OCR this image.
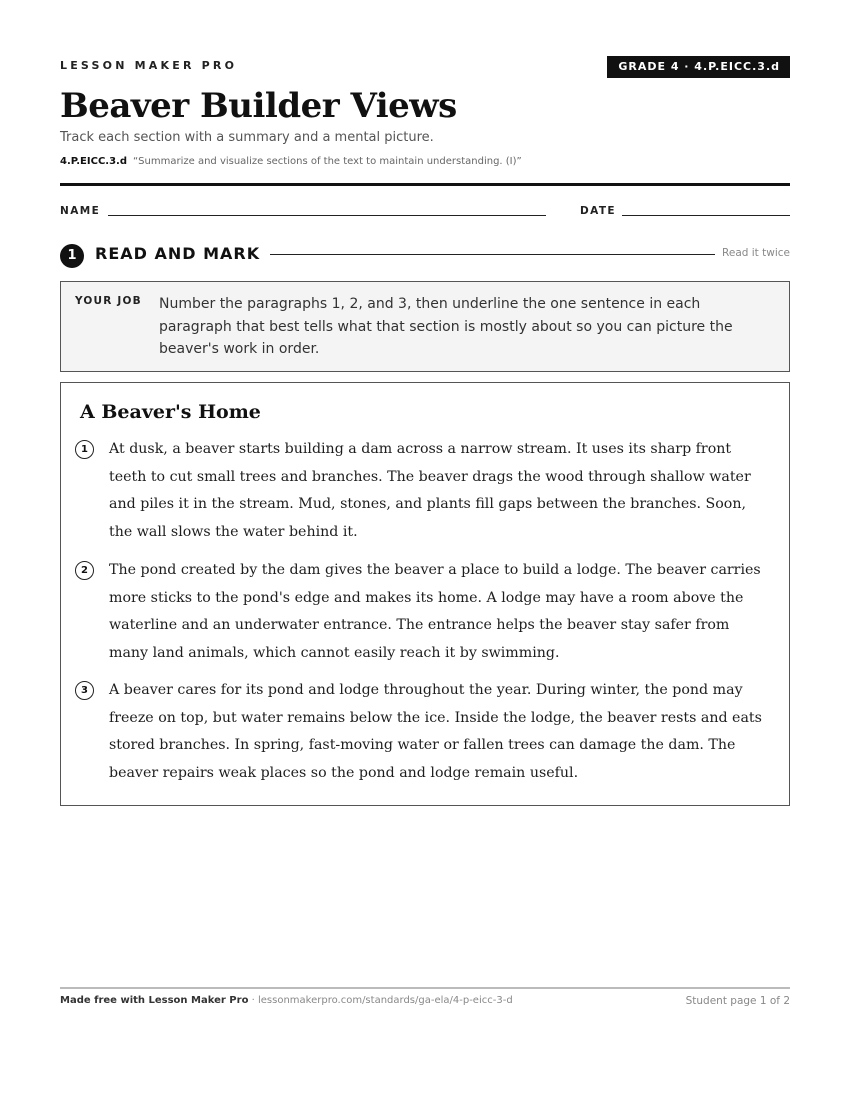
LESSON MAKER PRO	GRADE 4 · 4.P.EICC.3.d
Beaver Builder Views
Track each section with a summary and a mental picture.
4.P.EICC.3.d “Summarize and visualize sections of the text to maintain understanding. (I)”
NAME	DATE
1	READ AND MARK	Read it twice
YOUR JOB Number the paragraphs 1, 2, and 3, then underline the one sentence in each paragraph that best tells what that section is mostly about so you can picture the beaver's work in order.
A Beaver's Home
1	At dusk, a beaver starts building a dam across a narrow stream. It uses its sharp front teeth to cut small trees and branches. The beaver drags the wood through shallow water and piles it in the stream. Mud, stones, and plants fill gaps between the branches. Soon, the wall slows the water behind it.

2	The pond created by the dam gives the beaver a place to build a lodge. The beaver carries more sticks to the pond's edge and makes its home. A lodge may have a room above the waterline and an underwater entrance. The entrance helps the beaver stay safer from many land animals, which cannot easily reach it by swimming.

3	A beaver cares for its pond and lodge throughout the year. During winter, the pond may freeze on top, but water remains below the ice. Inside the lodge, the beaver rests and eats stored branches. In spring, fast-moving water or fallen trees can damage the dam. The beaver repairs weak places so the pond and lodge remain useful.

Made free with Lesson Maker Pro · lessonmakerpro.com/standards/ga-ela/4-p-eicc-3-d	Student page 1 of 2
